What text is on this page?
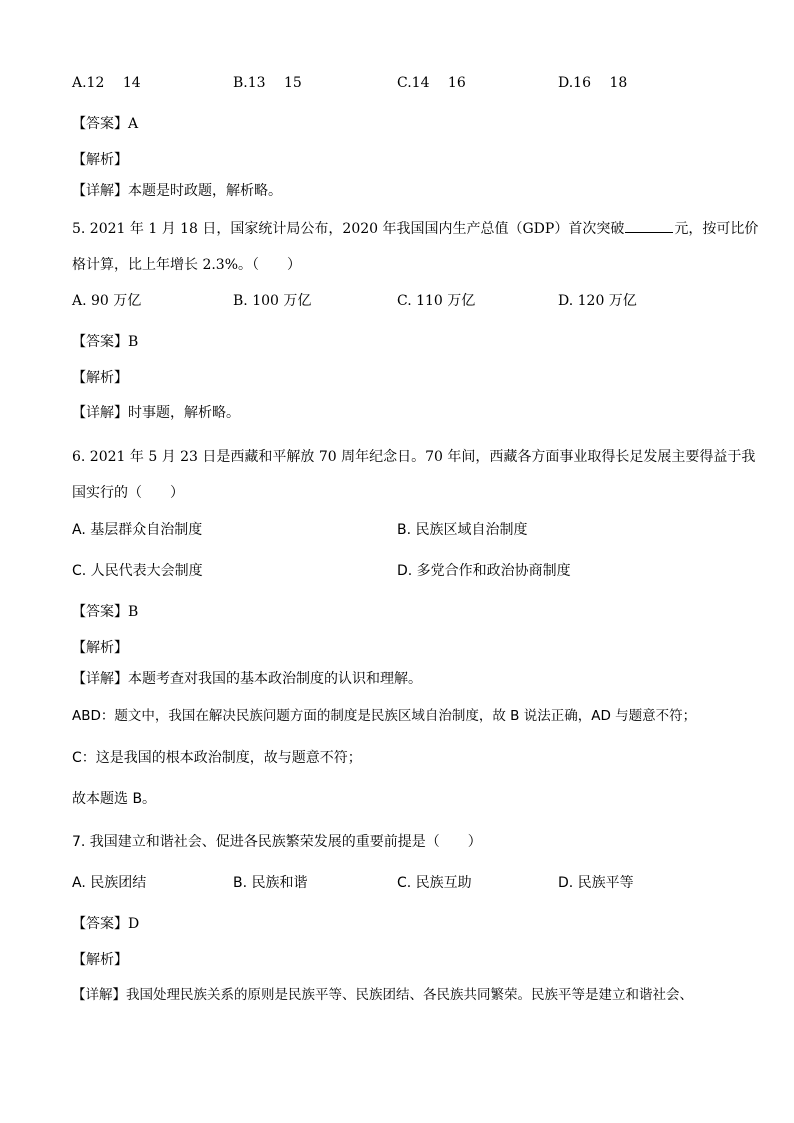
A.12　 14	B.13　 15	C.14　 16	D.16　 18
【答案】A
【解析】
【详解】本题是时政题，解析略。
5. 2021 年 1 月 18 日，国家统计局公布，2020 年我国国内生产总值（GDP）首次突破	元，按可比价
格计算，比上年增长 2.3%。（　　）
A. 90 万亿	B. 100 万亿	C. 110 万亿	D. 120 万亿
【答案】B
【解析】
【详解】时事题，解析略。
6. 2021 年 5 月 23 日是西藏和平解放 70 周年纪念日。70 年间，西藏各方面事业取得长足发展主要得益于我
国实行的（　　）
A. 基层群众自治制度	B. 民族区域自治制度
C. 人民代表大会制度	D. 多党合作和政治协商制度
【答案】B
【解析】
【详解】本题考查对我国的基本政治制度的认识和理解。
ABD：题文中，我国在解决民族问题方面的制度是民族区域自治制度，故 B 说法正确，AD 与题意不符；
C：这是我国的根本政治制度，故与题意不符；
故本题选 B。
7. 我国建立和谐社会、促进各民族繁荣发展的重要前提是（　　）
A. 民族团结	B. 民族和谐	C. 民族互助	D. 民族平等
【答案】D
【解析】
【详解】我国处理民族关系的原则是民族平等、民族团结、各民族共同繁荣。民族平等是建立和谐社会、
